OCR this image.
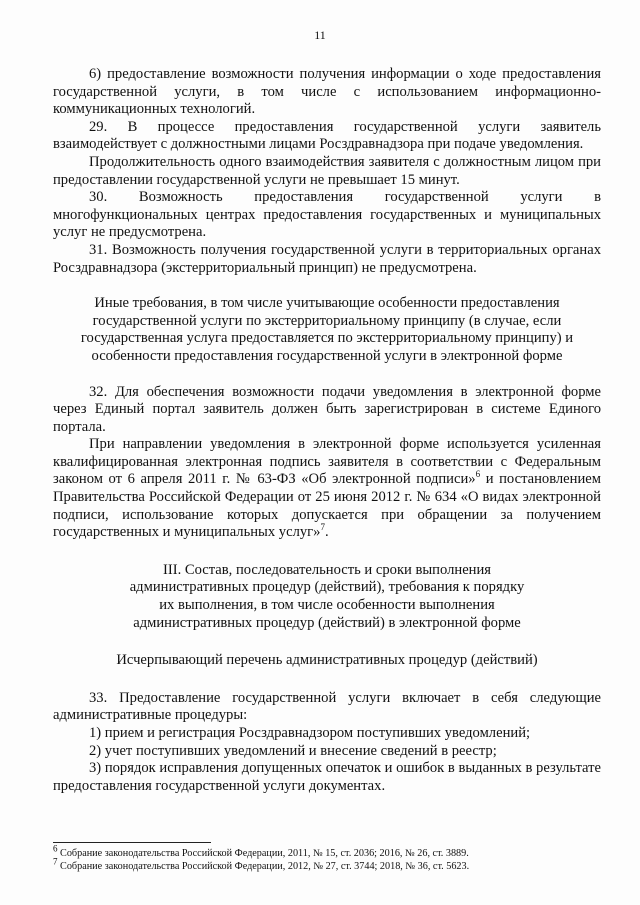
11

6) предоставление возможности получения информации о ходе предоставления государственной услуги, в том числе с использованием информационно-коммуникационных технологий.

29. В процессе предоставления государственной услуги заявитель взаимодействует с должностными лицами Росздравнадзора при подаче уведомления.

Продолжительность одного взаимодействия заявителя с должностным лицом при предоставлении государственной услуги не превышает 15 минут.

30. Возможность предоставления государственной услуги в многофункциональных центрах предоставления государственных и муниципальных услуг не предусмотрена.

31. Возможность получения государственной услуги в территориальных органах Росздравнадзора (экстерриториальный принцип) не предусмотрена.

Иные требования, в том числе учитывающие особенности предоставления
государственной услуги по экстерриториальному принципу (в случае, если
государственная услуга предоставляется по экстерриториальному принципу) и
особенности предоставления государственной услуги в электронной форме

32. Для обеспечения возможности подачи уведомления в электронной форме через Единый портал заявитель должен быть зарегистрирован в системе Единого портала.

При направлении уведомления в электронной форме используется усиленная квалифицированная электронная подпись заявителя в соответствии с Федеральным законом от 6 апреля 2011 г. № 63-ФЗ «Об электронной подписи»$^6$ и постановлением Правительства Российской Федерации от 25 июня 2012 г. № 634 «О видах электронной подписи, использование которых допускается при обращении за получением государственных и муниципальных услуг»$^7$.

III. Состав, последовательность и сроки выполнения
административных процедур (действий), требования к порядку
их выполнения, в том числе особенности выполнения
административных процедур (действий) в электронной форме

Исчерпывающий перечень административных процедур (действий)

33. Предоставление государственной услуги включает в себя следующие административные процедуры:

1) прием и регистрация Росздравнадзором поступивших уведомлений;

2) учет поступивших уведомлений и внесение сведений в реестр;

3) порядок исправления допущенных опечаток и ошибок в выданных в результате предоставления государственной услуги документах.

$^6$ Собрание законодательства Российской Федерации, 2011, № 15, ст. 2036; 2016, № 26, ст. 3889.

$^7$ Собрание законодательства Российской Федерации, 2012, № 27, ст. 3744; 2018, № 36, ст. 5623.
